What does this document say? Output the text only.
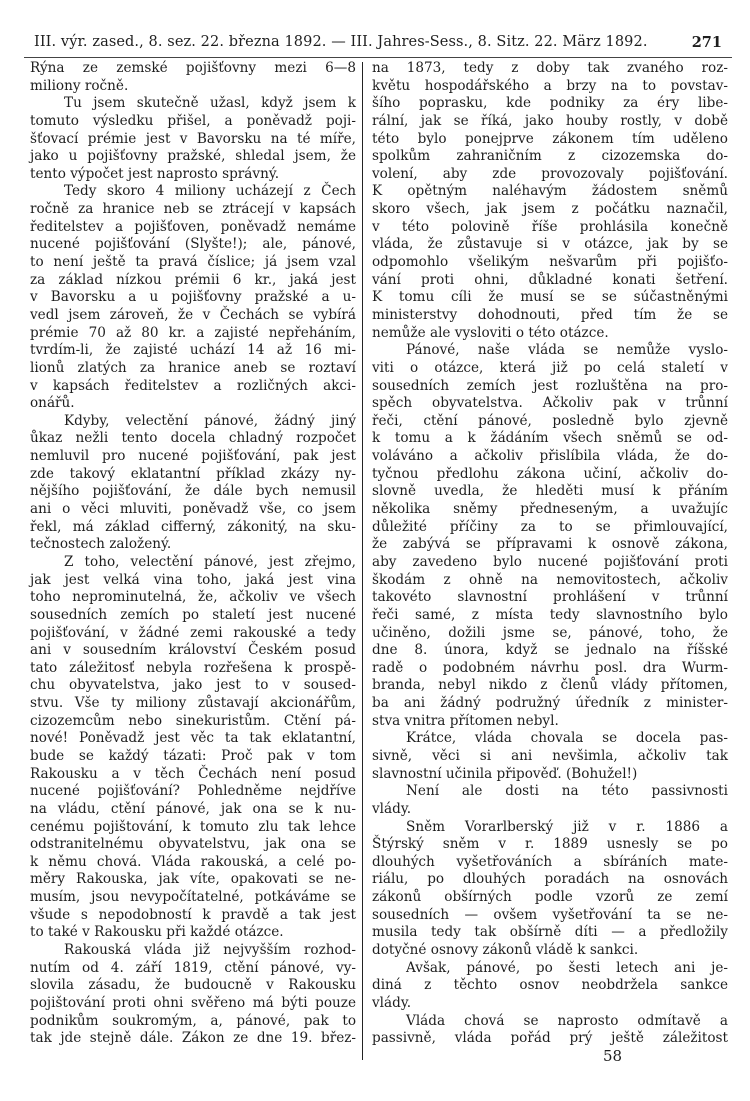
III. výr. zased., 8. sez. 22. března 1892. — III. Jahres-Sess., 8. Sitz. 22. März 1892.	271
Rýna ze zemské pojišťovny mezi 6—8
miliony ročně.
Tu jsem skutečně užasl, když jsem k
tomuto výsledku přišel, a poněvadž poji-
šťovací prémie jest v Bavorsku na té míře,
jako u pojišťovny pražské, shledal jsem, že
tento výpočet jest naprosto správný.
Tedy skoro 4 miliony ucházejí z Čech
ročně za hranice neb se ztrácejí v kapsách
ředitelstev a pojišťoven, poněvadž nemáme
nucené pojišťování (Slyšte!); ale, pánové,
to není ještě ta pravá číslice; já jsem vzal
za základ nízkou prémii 6 kr., jaká jest
v Bavorsku a u pojišťovny pražské a u-
vedl jsem zároveň, že v Čechách se vybírá
prémie 70 až 80 kr. a zajisté nepřeháním,
tvrdím-li, že zajisté uchází 14 až 16 mi-
lionů zlatých za hranice aneb se roztaví
v kapsách ředitelstev a rozličných akci-
onářů.
Kdyby, velectění pánové, žádný jiný
ůkaz nežli tento docela chladný rozpočet
nemluvil pro nucené pojišťování, pak jest
zde takový eklatantní příklad zkázy ny-
nějšího pojišťování, že dále bych nemusil
ani o věci mluviti, poněvadž vše, co jsem
řekl, má základ cifferný, zákonitý, na sku-
tečnostech založený.
Z toho, velectění pánové, jest zřejmo,
jak jest velká vina toho, jaká jest vina
toho neprominutelná, že, ačkoliv ve všech
sousedních zemích po staletí jest nucené
pojišťování, v žádné zemi rakouské a tedy
ani v sousedním království Českém posud
tato záležitosť nebyla rozřešena k prospě-
chu obyvatelstva, jako jest to v soused-
stvu. Vše ty miliony zůstavají akcionářům,
cizozemcům nebo sinekuristům. Ctění pá-
nové! Poněvadž jest věc ta tak eklatantní,
bude se každý tázati: Proč pak v tom
Rakousku a v těch Čechách není posud
nucené pojišťování? Pohledněme nejdříve
na vládu, ctění pánové, jak ona se k nu-
cenému pojištování, k tomuto zlu tak lehce
odstranitelnému obyvatelstvu, jak ona se
k němu chová. Vláda rakouská, a celé po-
měry Rakouska, jak víte, opakovati se ne-
musím, jsou nevypočítatelné, potkáváme se
všude s nepodobností k pravdě a tak jest
to také v Rakousku při každé otázce.
Rakouská vláda již nejvyšším rozhod-
nutím od 4. září 1819, ctění pánové, vy-
slovila zásadu, že budoucně v Rakousku
pojištování proti ohni svěřeno má býti pouze
podnikům soukromým, a, pánové, pak to
tak jde stejně dále. Zákon ze dne 19. břez-
na 1873, tedy z doby tak zvaného roz-
květu hospodářského a brzy na to povstav-
šího poprasku, kde podniky za éry libe-
rální, jak se říká, jako houby rostly, v době
této bylo ponejprve zákonem tím uděleno
spolkům zahraničním z cizozemska do-
volení, aby zde provozovaly pojišťování.
K opětným naléhavým žádostem sněmů
skoro všech, jak jsem z počátku naznačil,
v této polovině říše prohlásila konečně
vláda, že zůstavuje si v otázce, jak by se
odpomohlo všelikým nešvarům při pojišťo-
vání proti ohni, důkladné konati šetření.
K tomu cíli že musí se se súčastněnými
ministerstvy dohodnouti, před tím že se
nemůže ale vysloviti o této otázce.
Pánové, naše vláda se nemůže vyslo-
viti o otázce, která již po celá staletí v
sousedních zemích jest rozluštěna na pro-
spěch obyvatelstva. Ačkoliv pak v trůnní
řeči, ctění pánové, posledně bylo zjevně
k tomu a k žádáním všech sněmů se od-
voláváno a ačkoliv přislíbila vláda, že do-
tyčnou předlohu zákona učiní, ačkoliv do-
slovně uvedla, že hleděti musí k přáním
několika sněmy předneseným, a uvažujíc
důležité příčiny za to se přimlouvající,
že zabývá se přípravami k osnově zákona,
aby zavedeno bylo nucené pojišťování proti
škodám z ohně na nemovitostech, ačkoliv
takovéto slavnostní prohlášení v trůnní
řeči samé, z místa tedy slavnostního bylo
učiněno, dožili jsme se, pánové, toho, že
dne 8. února, když se jednalo na říšské
radě o podobném návrhu posl. dra Wurm-
branda, nebyl nikdo z členů vlády přítomen,
ba ani žádný podružný úředník z minister-
stva vnitra přítomen nebyl.
Krátce, vláda chovala se docela pas-
sivně, věci si ani nevšimla, ačkoliv tak
slavnostní učinila připověď. (Bohužel!)
Není ale dosti na této passivnosti
vlády.
Sněm Vorarlberský již v r. 1886 a
Štýrský sněm v r. 1889 usnesly se po
dlouhých vyšetřováních a sbíráních mate-
riálu, po dlouhých poradách na osnovách
zákonů obšírných podle vzorů ze zemí
sousedních — ovšem vyšetřování ta se ne-
musila tedy tak obšírně díti — a předložily
dotyčné osnovy zákonů vládě k sankci.
Avšak, pánové, po šesti letech ani je-
diná z těchto osnov neobdržela sankce
vlády.
Vláda chová se naprosto odmítavě a
passivně, vláda pořád prý ještě záležitost
58
